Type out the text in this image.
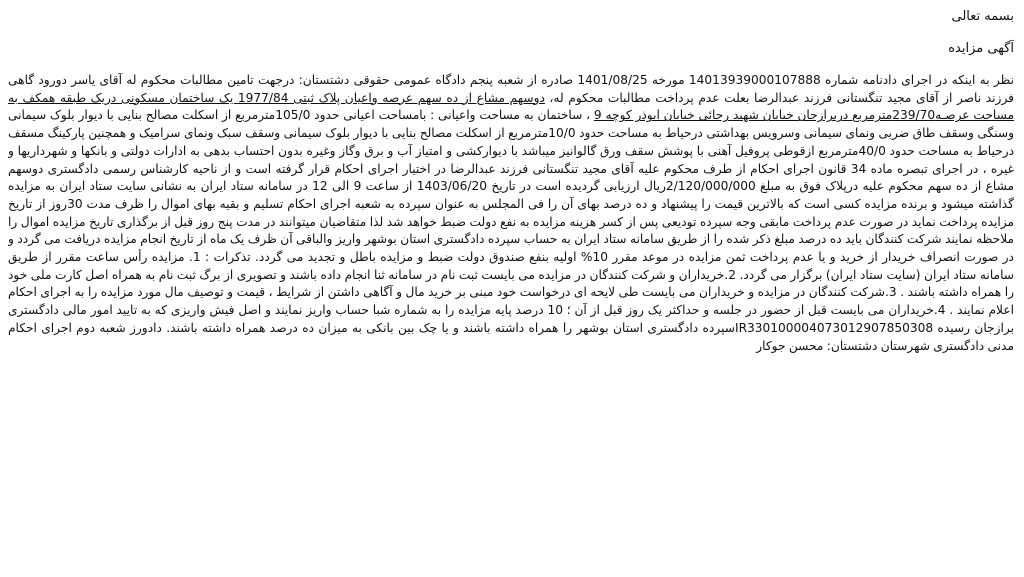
بسمه تعالی

آگهی مزایده

نظر به اینکه در اجرای دادنامه شماره 14013939000107888 مورخه 1401/08/25 صادره از شعبه پنجم دادگاه عمومی حقوقی دشتستان: درجهت تامین مطالبات محکوم له آقای یاسر دورود گاهی فرزند ناصر از آقای مجید تنگستانی فرزند عبدالرضا بعلت عدم پرداخت مطالبات محکوم له، دوسهم مشاع از ده سهم عرصه واعیان پلاک ثبتی 1977/84 یک ساختمان مسکونی دریک طبقه همکف به مساحت عرصـه239/70مترمربع دربرازجان خیابان شهید رجائی خیابان ابوذر کوچه 9 ، ساختمان به مساحت واعیانی : بامساحت اعیانی حدود 105/0مترمربع از اسکلت مصالح بنایی با دیوار بلوک سیمانی وسنگی وسقف طاق ضربی ونمای سیمانی وسرویس بهداشتی درحیاط به مساحت حدود 10/0مترمربع از اسکلت مصالح بنایی با دیوار بلوک سیمانی وسقف سبک ونمای سرامیک و همچنین پارکینگ مسقف درحیاط به مساحت حدود 40/0مترمربع ازقوطی پروفیل آهنی با پوشش سقف ورق گالوانیز میباشد با دیوارکشی و امتیاز آب و برق وگاز وغیره بدون احتساب بدهی به ادارات دولتی و بانکها و شهرداریها و غیره ، در اجرای تبصره ماده 34 قانون اجرای احکام از طرف محکوم علیه آقای مجید تنگستانی فرزند عبدالرضا در اختیار اجرای احکام قرار گرفته است و از ناحیه کارشناس رسمی دادگستری دوسهم مشاع از ده سهم محکوم علیه درپلاک فوق به مبلغ 2/120/000/000ریال ارزیابی گردیده است در تاریخ 1403/06/20 از ساعت 9 الی 12 در سامانه ستاد ایران به نشانی سایت ستاد ایران به مزایده گذاشته میشود و برنده مزایده کسی است که بالاترین قیمت را پیشنهاد و ده درصد بهای آن را فی المجلس به عنوان سپرده به شعبه اجرای احکام تسلیم و بقیه بهای اموال را ظرف مدت 30روز از تاریخ مزایده پرداخت نماید در صورت عدم پرداخت مابقی وجه سپرده تودیعی پس از کسر هزینه مزایده به نفع دولت ضبط خواهد شد لذا متقاضیان میتوانند در مدت پنج روز قبل از برگذاری تاریخ مزایده اموال را ملاحظه نمایند شرکت کنندگان باید ده درصد مبلغ ذکر شده را از طریق سامانه ستاد ایران به حساب سپرده دادگستری استان بوشهر واریز والباقی آن ظرف یک ماه از تاریخ انجام مزایده دریافت می گردد و در صورت انصراف خریدار از خرید و یا عدم پرداخت ثمن مزایده در موعد مقرر 10% اولیه بنفع صندوق دولت ضبط و مزایده باطل و تجدید می گردد. تذکرات : 1. مزایده رأس ساعت مقرر از طریق سامانه ستاد ایران (سایت ستاد ایران) برگزار می گردد. 2.خریداران و شرکت کنندگان در مزایده می بایست ثبت نام در سامانه ثنا انجام داده باشند و تصویری از برگ ثبت نام به همراه اصل کارت ملی خود را همراه داشته باشند . 3.شرکت کنندگان در مزایده و خریداران می بایست طی لایحه ای درخواست خود مبنی بر خرید مال و آگاهی داشتن از شرایط ، قیمت و توصیف مال مورد مزایده را به اجرای احکام اعلام نمایند . 4.خریداران می بایست قبل از حضور در جلسه و حداکثر یک روز قبل از آن ؛ 10 درصد پایه مزایده را به شماره شبا حساب واریز نمایند و اصل فیش واریزی که به تایید امور مالی دادگستری برازجان رسیده IR330100004073012907850308سپرده دادگستری استان بوشهر را همراه داشته باشند و یا چک بین بانکی به میزان ده درصد همراه داشته باشند. دادورز شعبه دوم اجرای احکام مدنی دادگستری شهرستان دشتستان: محسن جوکار
